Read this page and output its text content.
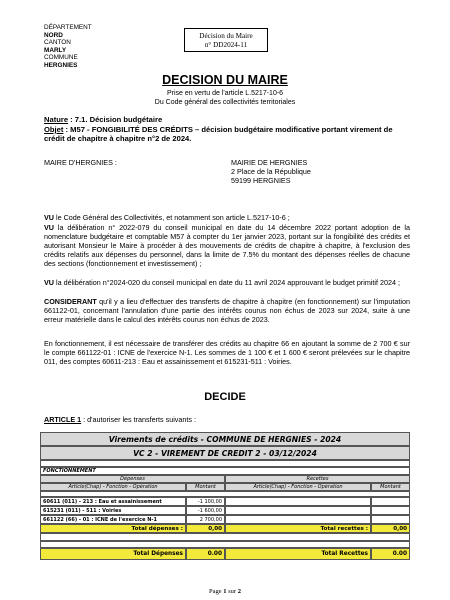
DÉPARTEMENT
NORD
CANTON
MARLY
COMMUNE
HERGNIES
Décision du Maire
n° DD2024-11
DECISION DU MAIRE
Prise en vertu de l'article L.5217-10-6
Du Code général des collectivités territoriales
Nature : 7.1. Décision budgétaire
Objet : M57 - FONGIBILITÉ DES CRÉDITS – décision budgétaire modificative portant virement de crédit de chapitre à chapitre n°2 de 2024.
MAIRE D'HERGNIES :	MAIRIE DE HERGNIES
2 Place de la République
59199 HERGNIES
VU le Code Général des Collectivités, et notamment son article L.5217-10-6 ;
VU la délibération n° 2022-079 du conseil municipal en date du 14 décembre 2022 portant adoption de la nomenclature budgétaire et comptable M57 à compter du 1er janvier 2023, portant sur la fongibilité des crédits et autorisant Monsieur le Maire à procéder à des mouvements de crédits de chapitre à chapitre, à l'exclusion des crédits relatifs aux dépenses du personnel, dans la limite de 7.5% du montant des dépenses réelles de chacune des sections (fonctionnement et investissement) ;
VU la délibération n°2024-020 du conseil municipal en date du 11 avril 2024 approuvant le budget primitif 2024 ;
CONSIDERANT qu'il y a lieu d'effectuer des transferts de chapitre à chapitre (en fonctionnement) sur l'imputation 661122-01, concernant l'annulation d'une partie des intérêts courus non échus de 2023 sur 2024, suite à une erreur matérielle dans le calcul des intérêts courus non échus de 2023.
En fonctionnement, il est nécessaire de transférer des crédits au chapitre 66 en ajoutant la somme de 2 700 € sur le compte 661122-01 : ICNE de l'exercice N-1. Les sommes de 1 100 € et 1 600 € seront prélevées sur le chapitre 011, des comptes 60611-213 : Eau et assainissement et 615231-511 : Voiries.
DECIDE
ARTICLE 1 : d'autoriser les transferts suivants :
Virements de crédits - COMMUNE DE HERGNIES - 2024
VC 2 - VIREMENT DE CREDIT 2 - 03/12/2024
FONCTIONNEMENT
Dépenses	Recettes
Article(Chap) - Fonction - Opération	Montant	Article(Chap) - Fonction - Opération	Montant
60611 (011) - 213 : Eau et assainissement	-1 100,00
615231 (011) - 511 : Voiries	-1 600,00
661122 (66) - 01 : ICNE de l'exercice N-1	2 700,00
Total dépenses :	0,00	Total recettes :	0,00
Total Dépenses	0.00	Total Recettes	0.00
Page 1 sur 2
